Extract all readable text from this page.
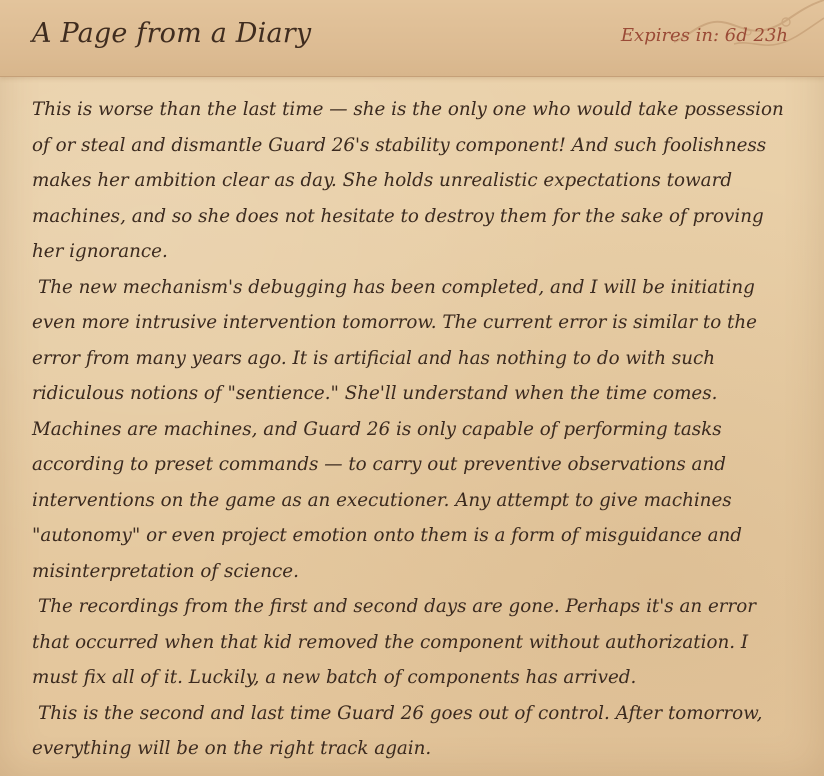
A Page from a Diary	Expires in: 6d 23h

This is worse than the last time — she is the only one who would take possession of or steal and dismantle Guard 26's stability component! And such foolishness makes her ambition clear as day. She holds unrealistic expectations toward machines, and so she does not hesitate to destroy them for the sake of proving her ignorance.

The new mechanism's debugging has been completed, and I will be initiating even more intrusive intervention tomorrow. The current error is similar to the error from many years ago. It is artificial and has nothing to do with such ridiculous notions of "sentience." She'll understand when the time comes. Machines are machines, and Guard 26 is only capable of performing tasks according to preset commands — to carry out preventive observations and interventions on the game as an executioner. Any attempt to give machines "autonomy" or even project emotion onto them is a form of misguidance and misinterpretation of science.

The recordings from the first and second days are gone. Perhaps it's an error that occurred when that kid removed the component without authorization. I must fix all of it. Luckily, a new batch of components has arrived.

This is the second and last time Guard 26 goes out of control. After tomorrow, everything will be on the right track again.
